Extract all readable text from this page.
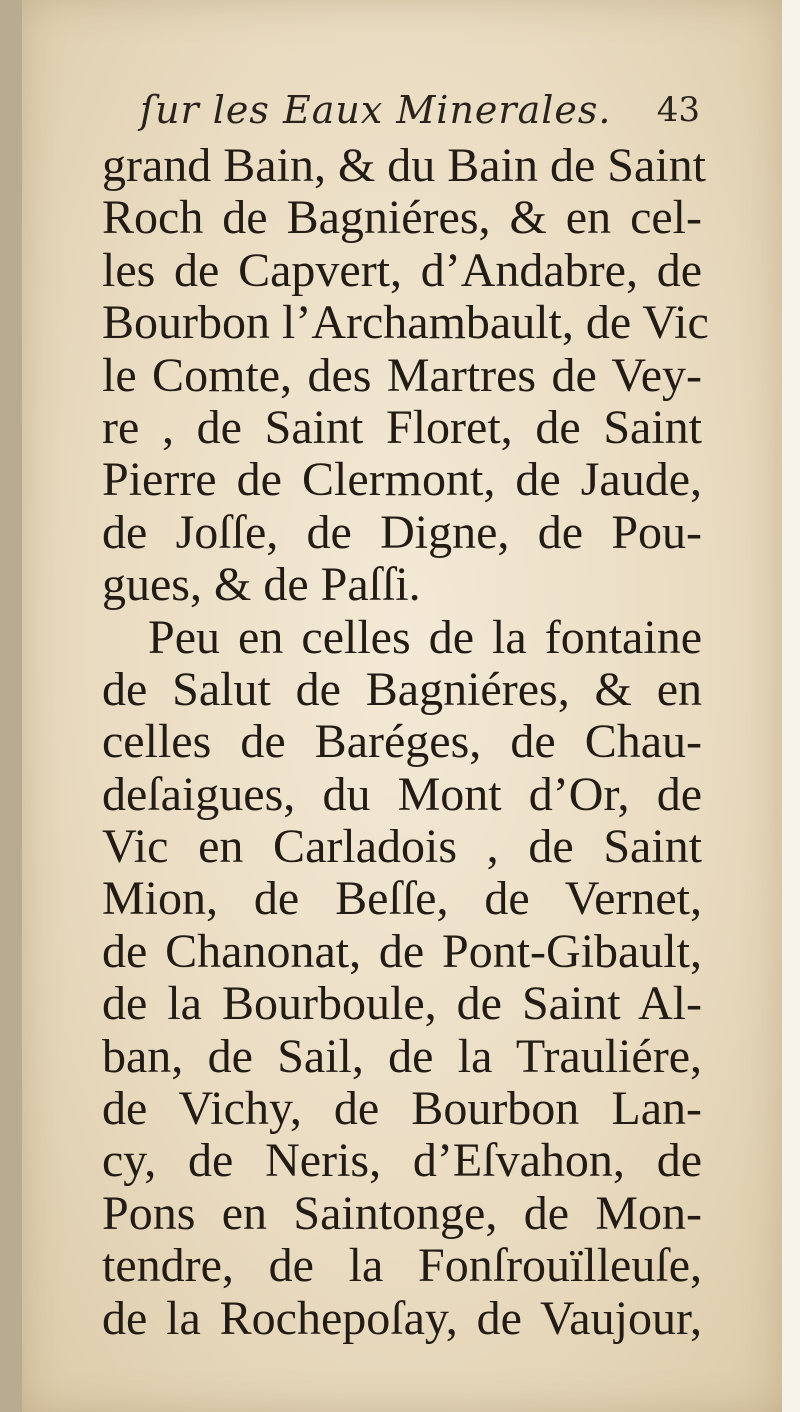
ſur les Eaux Minerales. 43
grand Bain, & du Bain de Saint
Roch de Bagniéres, & en cel-
les de Capvert, d’Andabre, de
Bourbon l’Archambault, de Vic
le Comte, des Martres de Vey-
re , de Saint Floret, de Saint
Pierre de Clermont, de Jaude,
de Joſſe, de Digne, de Pou-
gues, & de Paſſi.
Peu en celles de la fontaine
de Salut de Bagniéres, & en
celles de Baréges, de Chau-
deſaigues, du Mont d’Or, de
Vic en Carladois , de Saint
Mion, de Beſſe, de Vernet,
de Chanonat, de Pont-Gibault,
de la Bourboule, de Saint Al-
ban, de Sail, de la Trauliére,
de Vichy, de Bourbon Lan-
cy, de Neris, d’Eſvahon, de
Pons en Saintonge, de Mon-
tendre, de la Fonſrouïlleuſe,
de la Rochepoſay, de Vaujour,
